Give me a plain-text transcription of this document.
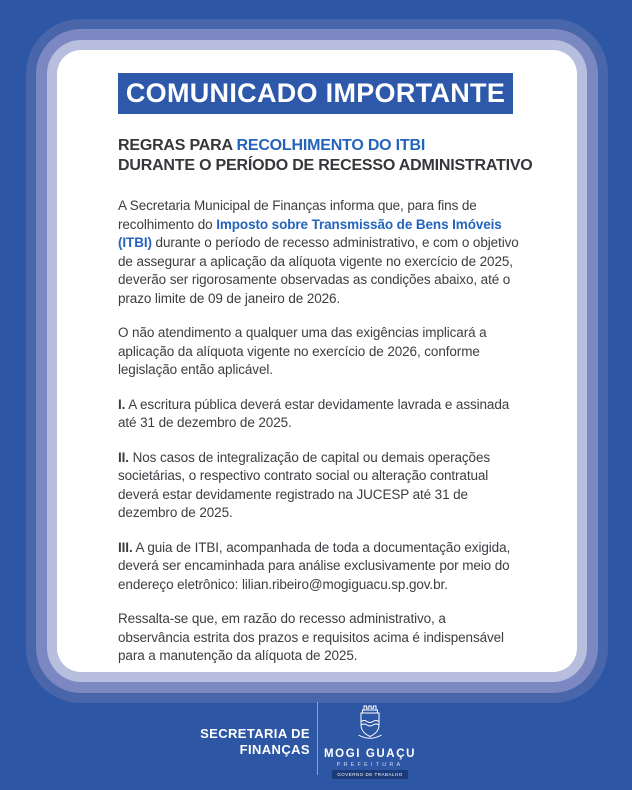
COMUNICADO IMPORTANTE
REGRAS PARA RECOLHIMENTO DO ITBI
DURANTE O PERÍODO DE RECESSO ADMINISTRATIVO

A Secretaria Municipal de Finanças informa que, para fins de recolhimento do Imposto sobre Transmissão de Bens Imóveis (ITBI) durante o período de recesso administrativo, e com o objetivo de assegurar a aplicação da alíquota vigente no exercício de 2025, deverão ser rigorosamente observadas as condições abaixo, até o prazo limite de 09 de janeiro de 2026.

O não atendimento a qualquer uma das exigências implicará a aplicação da alíquota vigente no exercício de 2026, conforme legislação então aplicável.

I. A escritura pública deverá estar devidamente lavrada e assinada até 31 de dezembro de 2025.

II. Nos casos de integralização de capital ou demais operações societárias, o respectivo contrato social ou alteração contratual deverá estar devidamente registrado na JUCESP até 31 de dezembro de 2025.

III. A guia de ITBI, acompanhada de toda a documentação exigida, deverá ser encaminhada para análise exclusivamente por meio do endereço eletrônico: lilian.ribeiro@mogiguacu.sp.gov.br.

Ressalta-se que, em razão do recesso administrativo, a observância estrita dos prazos e requisitos acima é indispensável para a manutenção da alíquota de 2025.

SECRETARIA DE
FINANÇAS MOGI GUAÇU
PREFEITURA
GOVERNO DE TRABALHO
